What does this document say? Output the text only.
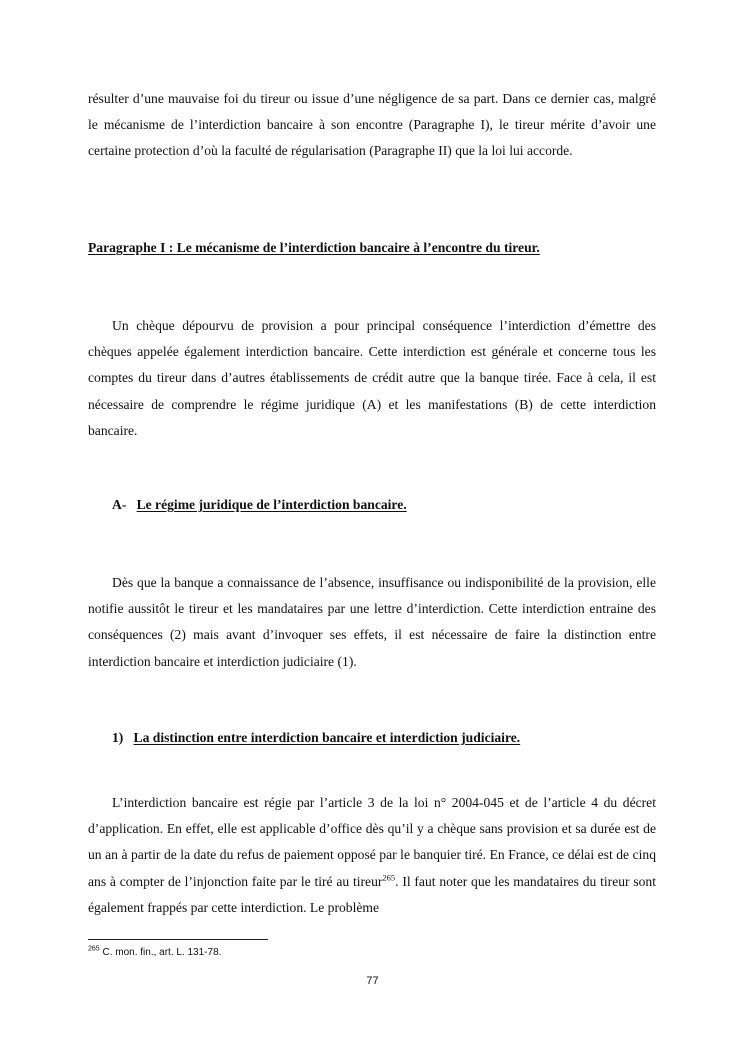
résulter d’une mauvaise foi du tireur ou issue d’une négligence de sa part. Dans ce dernier cas, malgré le mécanisme de l’interdiction bancaire à son encontre (Paragraphe I), le tireur mérite d’avoir une certaine protection d’où la faculté de régularisation (Paragraphe II) que la loi lui accorde.

Paragraphe I : Le mécanisme de l’interdiction bancaire à l’encontre du tireur.

Un chèque dépourvu de provision a pour principal conséquence l’interdiction d’émettre des chèques appelée également interdiction bancaire. Cette interdiction est générale et concerne tous les comptes du tireur dans d’autres établissements de crédit autre que la banque tirée. Face à cela, il est nécessaire de comprendre le régime juridique (A) et les manifestations (B) de cette interdiction bancaire.

A- Le régime juridique de l’interdiction bancaire.

Dès que la banque a connaissance de l’absence, insuffisance ou indisponibilité de la provision, elle notifie aussitôt le tireur et les mandataires par une lettre d’interdiction. Cette interdiction entraine des conséquences (2) mais avant d’invoquer ses effets, il est nécessaire de faire la distinction entre interdiction bancaire et interdiction judiciaire (1).

1) La distinction entre interdiction bancaire et interdiction judiciaire.

L’interdiction bancaire est régie par l’article 3 de la loi n° 2004-045 et de l’article 4 du décret d’application. En effet, elle est applicable d’office dès qu’il y a chèque sans provision et sa durée est de un an à partir de la date du refus de paiement opposé par le banquier tiré. En France, ce délai est de cinq ans à compter de l’injonction faite par le tiré au tireur$^{265}$. Il faut noter que les mandataires du tireur sont également frappés par cette interdiction. Le problème

$^{265}$ C. mon. fin., art. L. 131-78.
77
